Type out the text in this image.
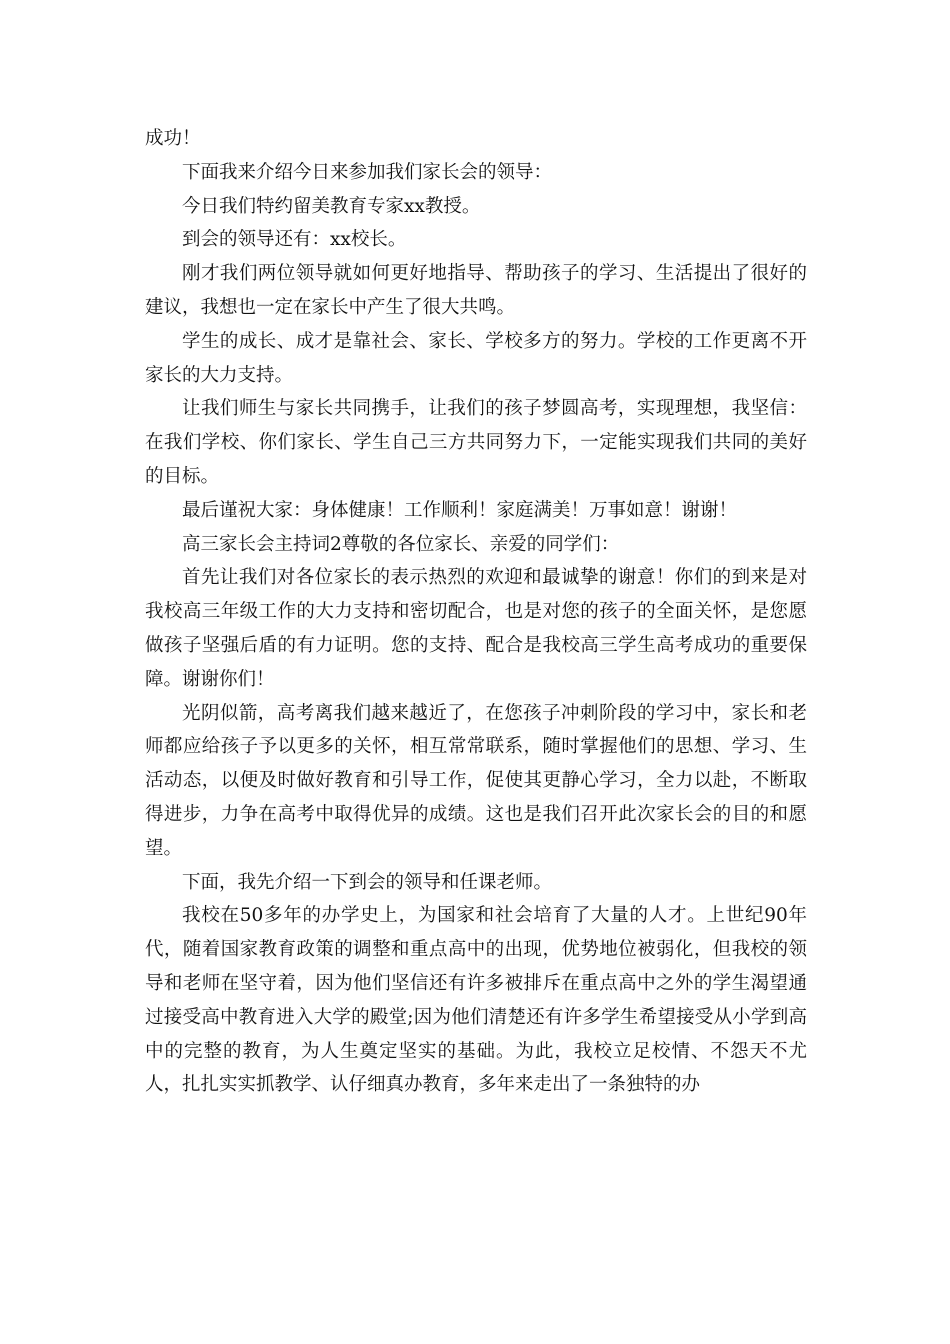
成功！

下面我来介绍今日来参加我们家长会的领导：

今日我们特约留美教育专家xx教授。

到会的领导还有：xx校长。

刚才我们两位领导就如何更好地指导、帮助孩子的学习、生活提出了很好的建议，我想也一定在家长中产生了很大共鸣。

学生的成长、成才是靠社会、家长、学校多方的努力。学校的工作更离不开家长的大力支持。

让我们师生与家长共同携手，让我们的孩子梦圆高考，实现理想，我坚信：在我们学校、你们家长、学生自己三方共同努力下，一定能实现我们共同的美好的目标。

最后谨祝大家：身体健康！工作顺利！家庭满美！万事如意！谢谢！

高三家长会主持词2尊敬的各位家长、亲爱的同学们：

首先让我们对各位家长的表示热烈的欢迎和最诚挚的谢意！你们的到来是对我校高三年级工作的大力支持和密切配合，也是对您的孩子的全面关怀，是您愿做孩子坚强后盾的有力证明。您的支持、配合是我校高三学生高考成功的重要保障。谢谢你们！

光阴似箭，高考离我们越来越近了，在您孩子冲刺阶段的学习中，家长和老师都应给孩子予以更多的关怀，相互常常联系，随时掌握他们的思想、学习、生活动态，以便及时做好教育和引导工作，促使其更静心学习，全力以赴，不断取得进步，力争在高考中取得优异的成绩。这也是我们召开此次家长会的目的和愿望。

下面，我先介绍一下到会的领导和任课老师。

我校在50多年的办学史上，为国家和社会培育了大量的人才。上世纪90年代，随着国家教育政策的调整和重点高中的出现，优势地位被弱化，但我校的领导和老师在坚守着，因为他们坚信还有许多被排斥在重点高中之外的学生渴望通过接受高中教育进入大学的殿堂;因为他们清楚还有许多学生希望接受从小学到高中的完整的教育，为人生奠定坚实的基础。为此，我校立足校情、不怨天不尤人，扎扎实实抓教学、认仔细真办教育，多年来走出了一条独特的办
